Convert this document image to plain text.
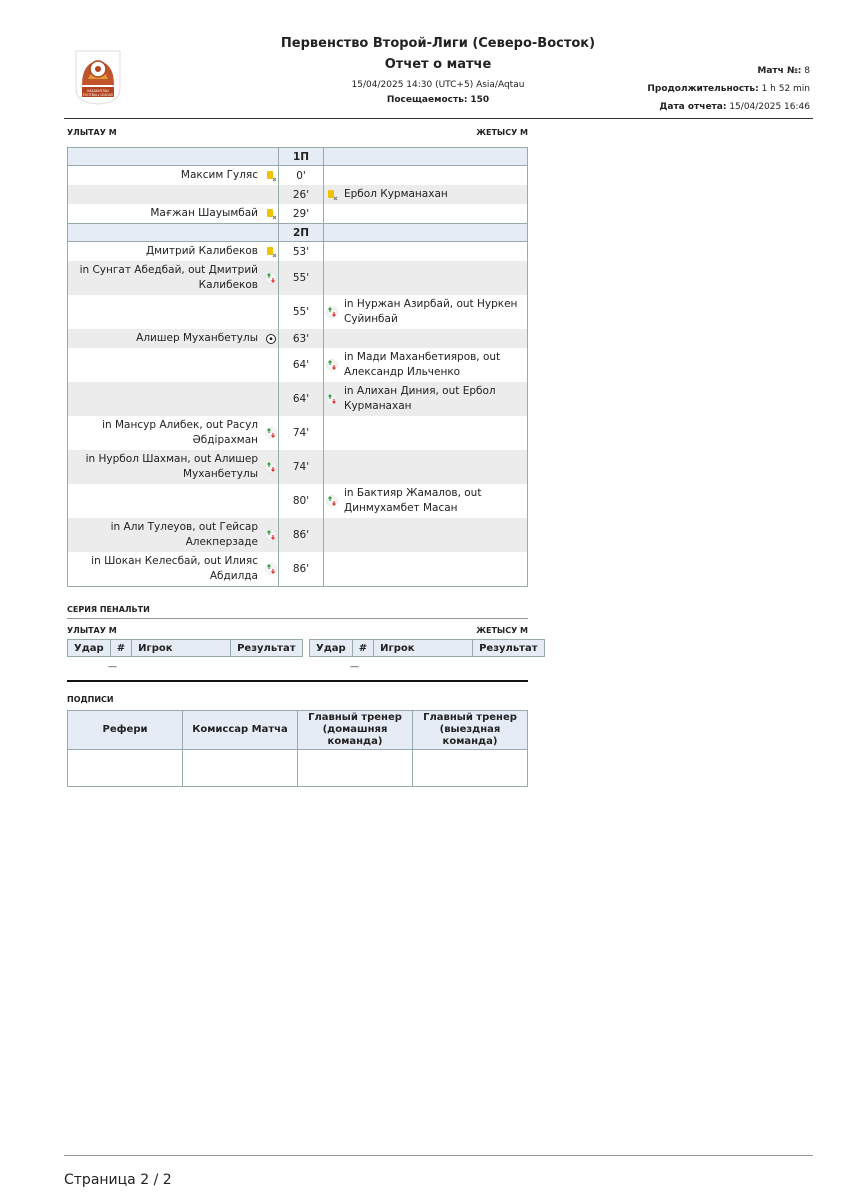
KAZAKHSTAN
FOOTBALL LEAGUE
Первенство Второй-Лиги (Северо-Восток)
Отчет о матче
15/04/2025 14:30 (UTC+5) Asia/Aqtau
Посещаемость: 150
Матч №: 8
Продолжительность: 1 h 52 min
Дата отчета: 15/04/2025 16:46
УЛЫТАУ М	ЖЕТЫСУ М
		1П		
Максим Гуляс		0'		
		26'		Ербол Курманахан
Мағжан Шауымбай		29'		
		2П		
Дмитрий Калибеков		53'		
in Сунгат Абедбай, out Дмитрий Калибеков		55'		
		55'		in Нуржан Азирбай, out Нуркен Суйинбай
Алишер Муханбетулы		63'		
		64'		in Мади Маханбетияров, out Александр Ильченко
		64'		in Алихан Диния, out Ербол Курманахан
in Мансур Алибек, out Расул Әбдірахман		74'		
in Нурбол Шахман, out Алишер Муханбетулы		74'		
		80'		in Бактияр Жамалов, out Динмухамбет Масан
in Али Тулеуов, out Гейсар Алекперзаде		86'		
in Шокан Келесбай, out Илияс Абдилда		86'		
СЕРИЯ ПЕНАЛЬТИ
УЛЫТАУ М	ЖЕТЫСУ М
Удар	#	Игрок	Результат Удар	#	Игрок	Результат
—	—
ПОДПИСИ
Рефери	Комиссар Матча	Главный тренер (домашняя команда)	Главный тренер (выездная команда)

Страница 2 / 2
